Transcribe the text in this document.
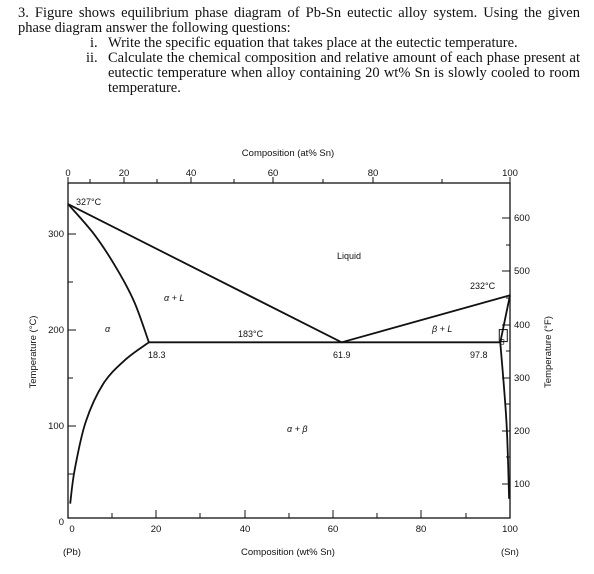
3. Figure shows equilibrium phase diagram of Pb-Sn eutectic alloy system. Using the given phase diagram answer the following questions:

i. Write the specific equation that takes place at the eutectic temperature.
ii. Calculate the chemical composition and relative amount of each phase present at eutectic temperature when alloy containing 20 wt% Sn is slowly cooled to room temperature.
Composition (at% Sn)
Composition (wt% Sn)
Temperature (°C)	Temperature (°F)
0	20	40	60	80	100
0	20	40	60	80	100
(Pb)	(Sn)
300
200
100
0
600
500
400
300
200
100
327°C
232°C
183°C
18.3	61.9	97.8
Liquid
α + L
β + L
α
β
α + β
